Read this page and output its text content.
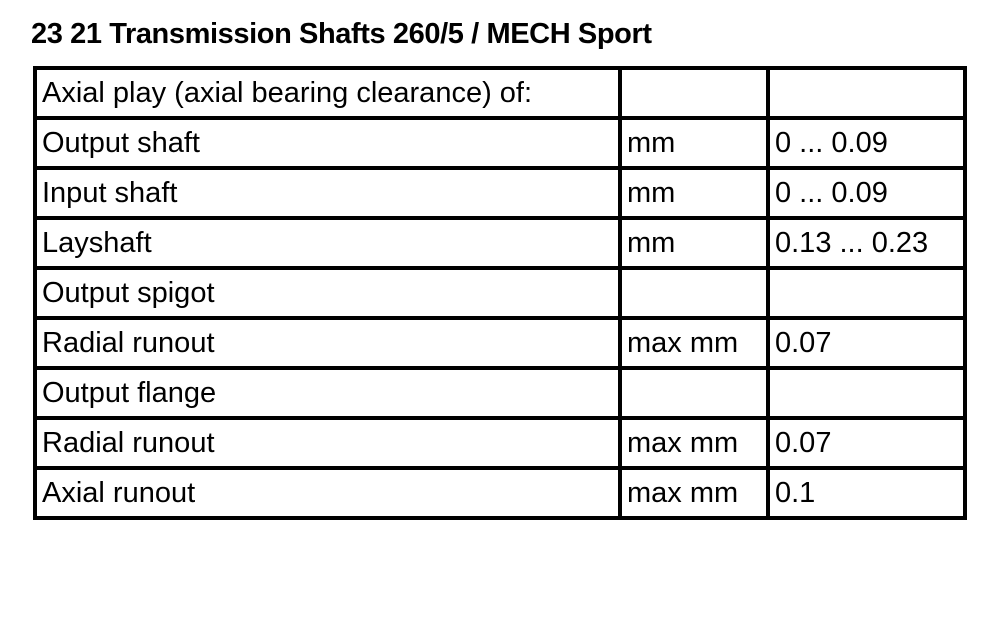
23 21 Transmission Shafts 260/5 / MECH Sport
Axial play (axial bearing clearance) of:		
Output shaft	mm	0 ... 0.09
Input shaft	mm	0 ... 0.09
Layshaft	mm	0.13 ... 0.23
Output spigot		
Radial runout	max mm	0.07
Output flange		
Radial runout	max mm	0.07
Axial runout	max mm	0.1
